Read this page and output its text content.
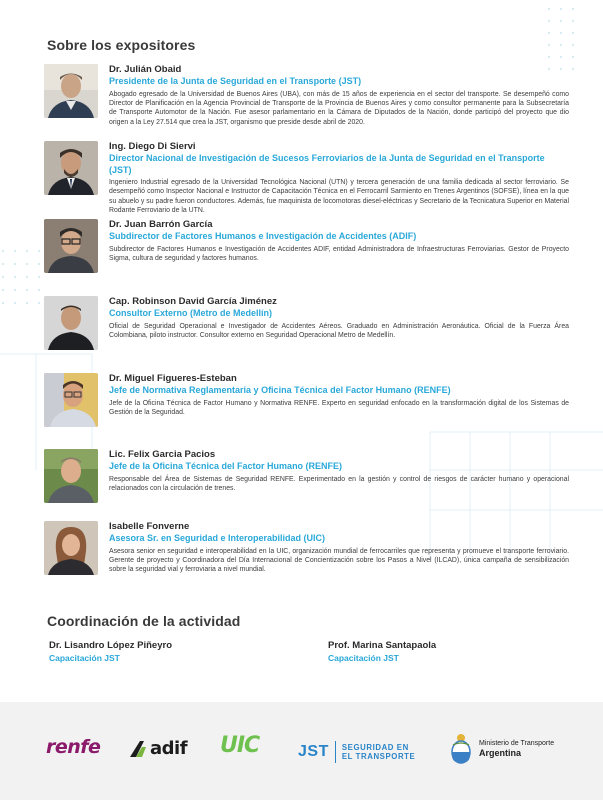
Sobre los expositores
Dr. Julián Obaid
Presidente de la Junta de Seguridad en el Transporte (JST)
Abogado egresado de la Universidad de Buenos Aires (UBA), con más de 15 años de experiencia en el sector del transporte. Se desempeñó como Director de Planificación en la Agencia Provincial de Transporte de la Provincia de Buenos Aires y como consultor permanente para la Subsecretaría de Transporte Automotor de la Nación. Fue asesor parlamentario en la Cámara de Diputados de la Nación, donde participó del proyecto que dio origen a la Ley 27.514 que crea la JST, organismo que preside desde abril de 2020.
Ing. Diego Di Siervi
Director Nacional de Investigación de Sucesos Ferroviarios de la Junta de Seguridad en el Transporte (JST)
Ingeniero Industrial egresado de la Universidad Tecnológica Nacional (UTN) y tercera generación de una familia dedicada al sector ferroviario. Se desempeñó como Inspector Nacional e Instructor de Capacitación Técnica en el Ferrocarril Sarmiento en Trenes Argentinos (SOFSE), línea en la que su abuelo y su padre fueron conductores. Además, fue maquinista de locomotoras diesel-eléctricas y Secretario de la Tecnicatura Superior en Material Rodante Ferroviario de la UTN.
Dr. Juan Barrón García
Subdirector de Factores Humanos e Investigación de Accidentes (ADIF)
Subdirector de Factores Humanos e Investigación de Accidentes ADIF, entidad Administradora de Infraestructuras Ferroviarias. Gestor de Proyecto Sigma, cultura de seguridad y factores humanos.
Cap. Robinson David García Jiménez
Consultor Externo (Metro de Medellín)
Oficial de Seguridad Operacional e Investigador de Accidentes Aéreos. Graduado en Administración Aeronáutica. Oficial de la Fuerza Área Colombiana, piloto instructor. Consultor externo en Seguridad Operacional Metro de Medellín.
Dr. Miguel Figueres-Esteban
Jefe de Normativa Reglamentaria y Oficina Técnica del Factor Humano (RENFE)
Jefe de la Oficina Técnica de Factor Humano y Normativa RENFE. Experto en seguridad enfocado en la transformación digital de los Sistemas de Gestión de la Seguridad.
Lic. Felix Garcia Pacios
Jefe de la Oficina Técnica del Factor Humano (RENFE)
Responsable del Área de Sistemas de Seguridad RENFE. Experimentado en la gestión y control de riesgos de carácter humano y operacional relacionados con la circulación de trenes.
Isabelle Fonverne
Asesora Sr. en Seguridad e Interoperabilidad (UIC)
Asesora senior en seguridad e interoperabilidad en la UIC, organización mundial de ferrocarriles que representa y promueve el transporte ferroviario. Gerente de proyecto y Coordinadora del Día Internacional de Concientización sobre los Pasos a Nivel (ILCAD), única campaña de sensibilización sobre la seguridad vial y ferroviaria a nivel mundial.
Coordinación de la actividad
Dr. Lisandro López Piñeyro
Capacitación JST
Prof. Marina Santapaola
Capacitación JST
renfe	adif UIC JST SEGURIDAD EN
EL TRANSPORTE
Ministerio de Transporte
Argentina
